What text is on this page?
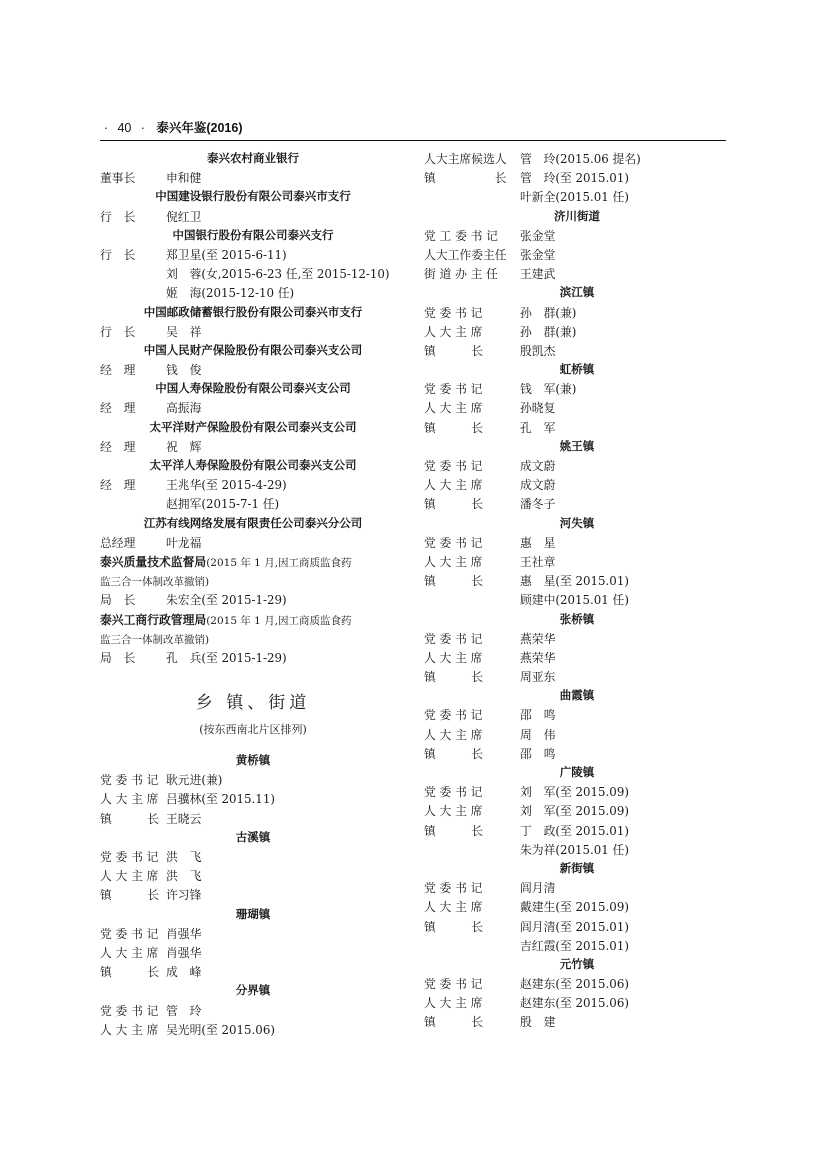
· 40 · 泰兴年鉴(2016)
泰兴农村商业银行
董事长	申和健
中国建设银行股份有限公司泰兴市支行
行　长	倪红卫
中国银行股份有限公司泰兴支行
行　长	郑卫星(至 2015-6-11)
刘　蓉(女,2015-6-23 任,至 2015-12-10)
姬　海(2015-12-10 任)
中国邮政储蓄银行股份有限公司泰兴市支行
行　长	吴　祥
中国人民财产保险股份有限公司泰兴支公司
经　理	钱　俊
中国人寿保险股份有限公司泰兴支公司
经　理	高振海
太平洋财产保险股份有限公司泰兴支公司
经　理	祝　辉
太平洋人寿保险股份有限公司泰兴支公司
经　理	王兆华(至 2015-4-29)
赵拥军(2015-7-1 任)
江苏有线网络发展有限责任公司泰兴分公司
总经理	叶龙福
泰兴质量技术监督局(2015 年 1 月,因工商质监食药
监三合一体制改革撤销)
局　长	朱宏全(至 2015-1-29)
泰兴工商行政管理局(2015 年 1 月,因工商质监食药
监三合一体制改革撤销)
局　长	孔　兵(至 2015-1-29)
乡 镇、街道
(按东西南北片区排列)
黄桥镇
党 委 书 记 耿元进(兼)
人 大 主 席 吕骥林(至 2015.11)
镇　　　长 王晓云
古溪镇
党 委 书 记 洪　飞
人 大 主 席 洪　飞
镇　　　长 许习锋
珊瑚镇
党 委 书 记 肖强华
人 大 主 席 肖强华
镇　　　长 成　峰
分界镇
党 委 书 记 管　玲
人 大 主 席 吴光明(至 2015.06)
人大主席候选人 管　玲(2015.06 提名)
镇　　　　　长 管　玲(至 2015.01)
叶新全(2015.01 任)
济川街道
党 工 委 书 记 张金堂
人大工作委主任 张金堂
街 道 办 主 任 王建武
滨江镇
党 委 书 记	孙　群(兼)
人 大 主 席	孙　群(兼)
镇　　　长	殷凯杰
虹桥镇
党 委 书 记	钱　军(兼)
人 大 主 席	孙晓复
镇　　　长	孔　军
姚王镇
党 委 书 记	成文蔚
人 大 主 席	成文蔚
镇　　　长	潘冬子
河失镇
党 委 书 记	惠　星
人 大 主 席	王社章
镇　　　长	惠　星(至 2015.01)
顾建中(2015.01 任)
张桥镇
党 委 书 记	燕荣华
人 大 主 席	燕荣华
镇　　　长	周亚东
曲霞镇
党 委 书 记	邵　鸣
人 大 主 席	周　伟
镇　　　长	邵　鸣
广陵镇
党 委 书 记	刘　军(至 2015.09)
人 大 主 席	刘　军(至 2015.09)
镇　　　长	丁　政(至 2015.01)
朱为祥(2015.01 任)
新街镇
党 委 书 记	闾月清
人 大 主 席	戴建生(至 2015.09)
镇　　　长	闾月清(至 2015.01)
吉红霞(至 2015.01)
元竹镇
党 委 书 记	赵建东(至 2015.06)
人 大 主 席	赵建东(至 2015.06)
镇　　　长	殷　建
